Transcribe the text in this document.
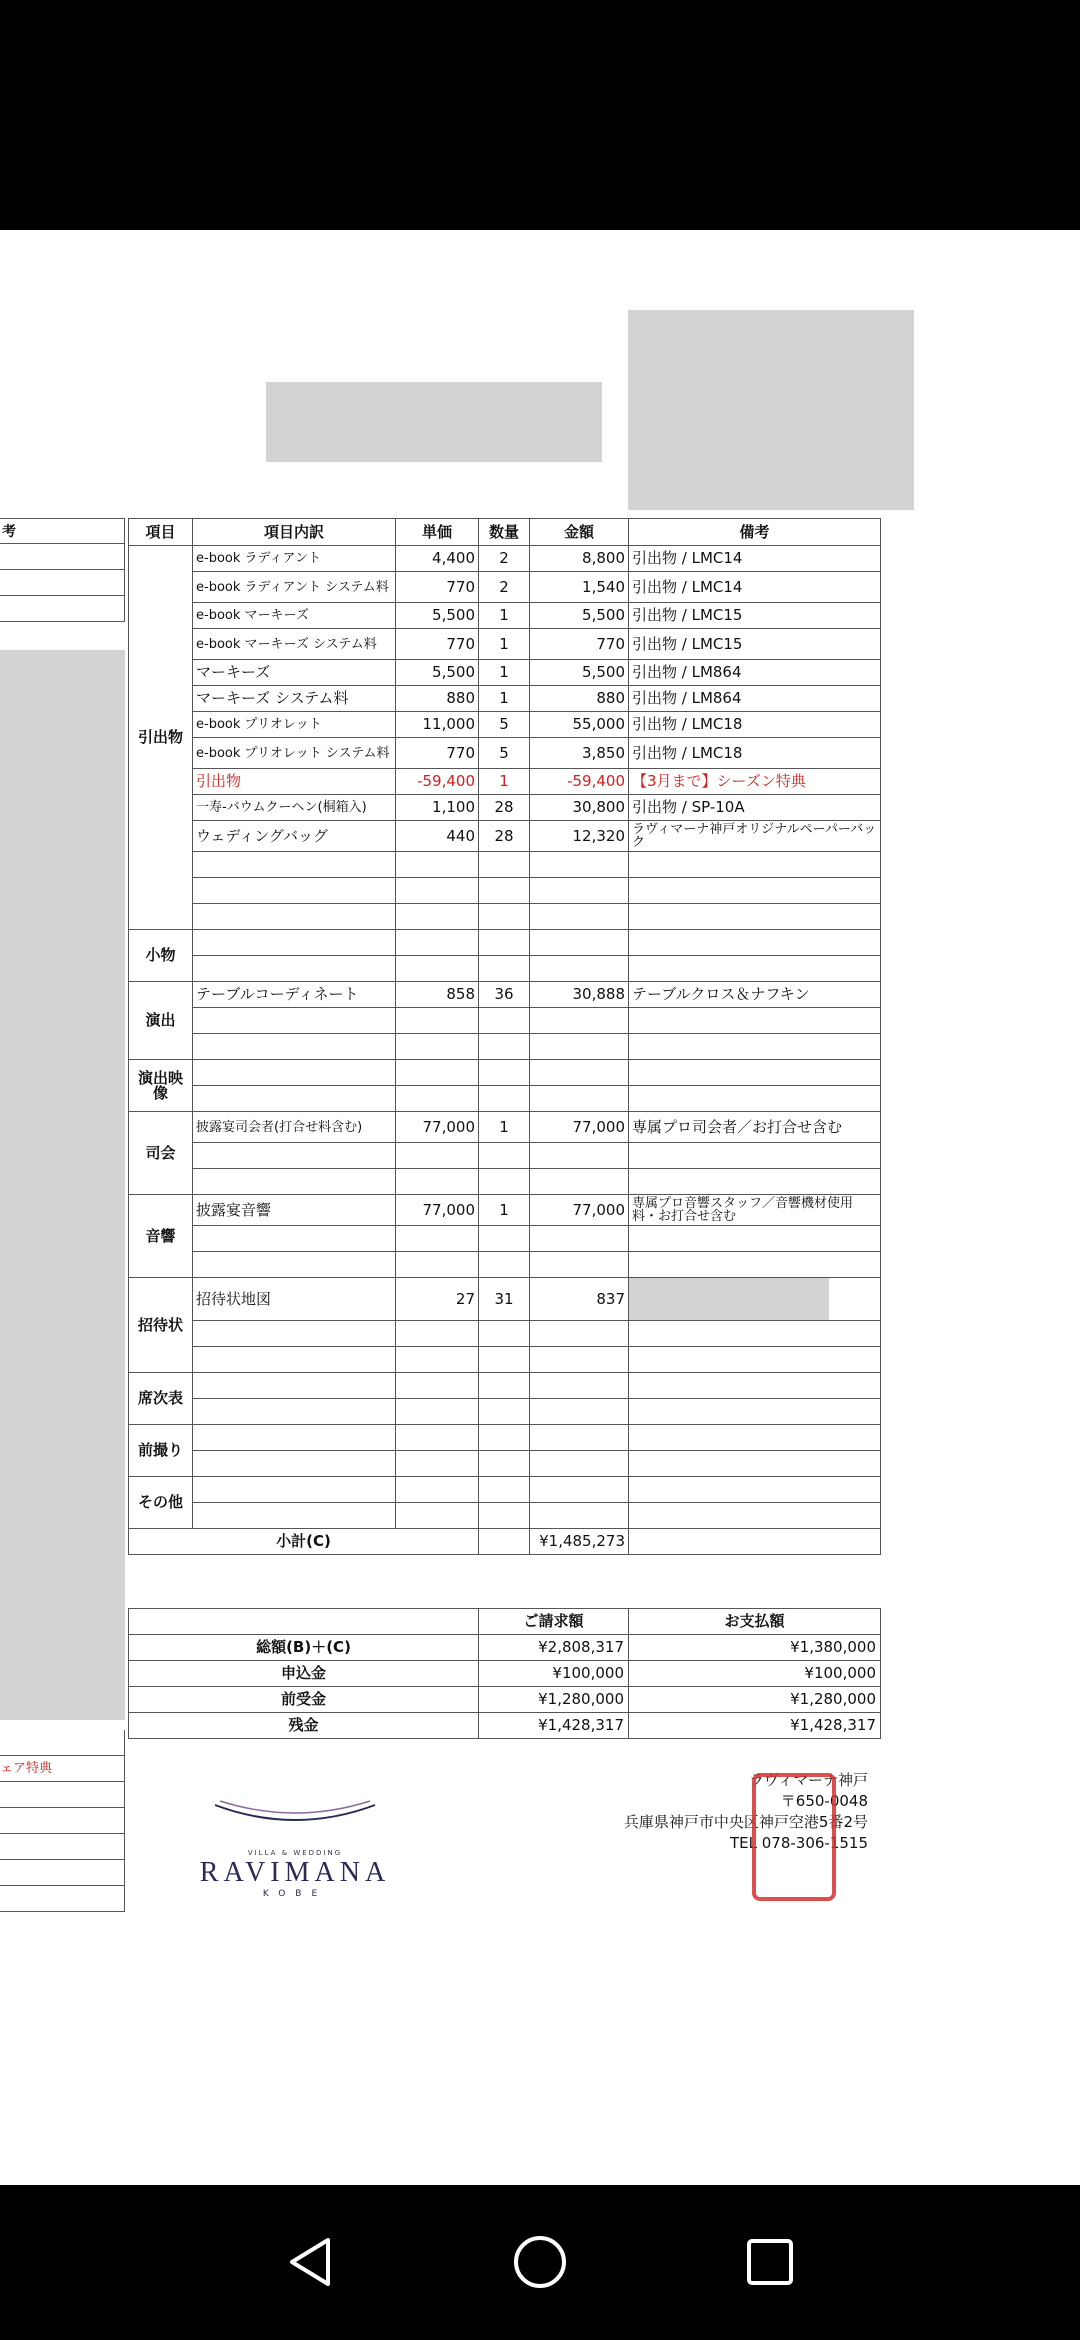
考
ェア特典
項目	項目内訳	単価	数量	金額	備考
引出物	e-book ラディアント	4,400	2	8,800	引出物 / LMC14
	e-book ラディアント システム料	770	2	1,540	引出物 / LMC14
	e-book マーキーズ	5,500	1	5,500	引出物 / LMC15
	e-book マーキーズ システム料	770	1	770	引出物 / LMC15
	マーキーズ	5,500	1	5,500	引出物 / LM864
	マーキーズ システム料	880	1	880	引出物 / LM864
	e-book プリオレット	11,000	5	55,000	引出物 / LMC18
	e-book プリオレット システム料	770	5	3,850	引出物 / LMC18
	引出物	-59,400	1	-59,400	【3月まで】シーズン特典
	一寿-バウムクーヘン(桐箱入)	1,100	28	30,800	引出物 / SP-10A
	ウェディングバッグ	440	28	12,320	ラヴィマーナ神戸オリジナルペーパーバック

小物					

演出	テーブルコーディネート	858	36	30,888	テーブルクロス＆ナフキン

演出映像					

司会	披露宴司会者(打合せ料含む)	77,000	1	77,000	専属プロ司会者／お打合せ含む

音響	披露宴音響	77,000	1	77,000	専属プロ音響スタッフ／音響機材使用料・お打合せ含む

招待状	招待状地図	27	31	837	

席次表					

前撮り					

その他					

小計(C)				¥1,485,273	
	ご請求額	お支払額
総額(B)＋(C)	¥2,808,317	¥1,380,000
申込金	¥100,000	¥100,000
前受金	¥1,280,000	¥1,280,000
残金	¥1,428,317	¥1,428,317
VILLA & WEDDING
RAVIMANA
KOBE
ラヴィマーナ神戸
〒650-0048
兵庫県神戸市中央区神戸空港5番2号
TEL 078-306-1515
